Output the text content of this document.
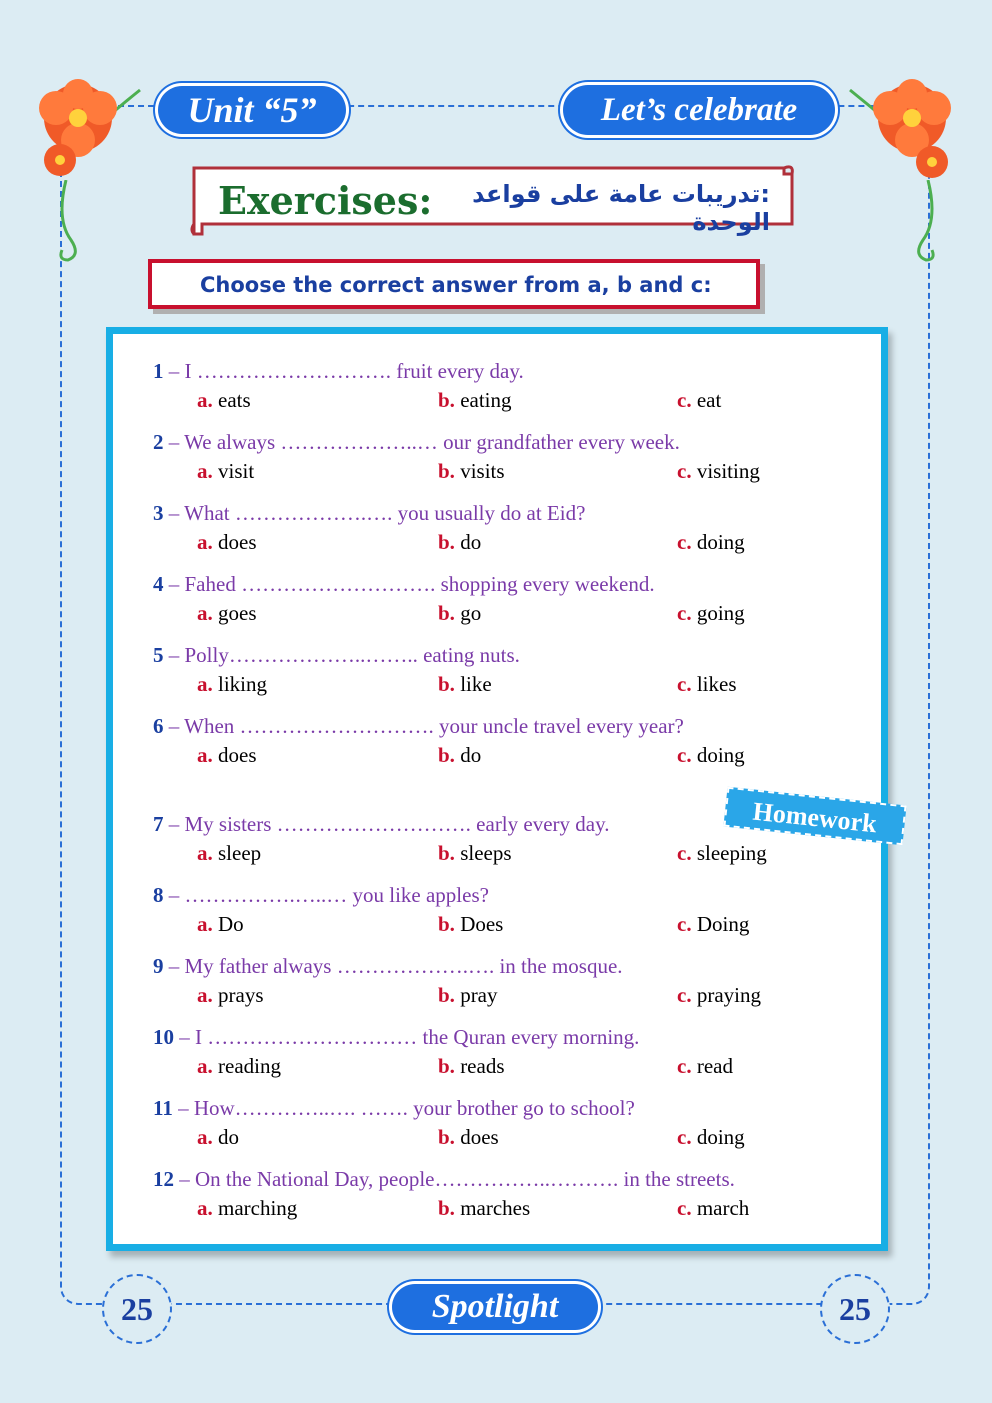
Unit “5”	Let’s celebrate
Exercises:	:تدريبات عامة على قواعد الوحدة
Choose the correct answer from a, b and c:
1 – I ………………………. fruit every day.
a. eats	b. eating	c. eat
2 – We always ………………..… our grandfather every week.
a. visit	b. visits	c. visiting
3 – What ……………….…. you usually do at Eid?
a. does	b. do	c. doing
4 – Fahed ………………………. shopping every weekend.
a. goes	b. go	c. going
5 – Polly………………..…….. eating nuts.
a. liking	b. like	c. likes
6 – When ………………………. your uncle travel every year?
a. does	b. do	c. doing
7 – My sisters ………………………. early every day.
a. sleep	b. sleeps	c. sleeping
8 – …………….…..… you like apples?
a. Do	b. Does	c. Doing
9 – My father always ……………….…. in the mosque.
a. prays	b. pray	c. praying
10 – I ………………………… the Quran every morning.
a. reading	b. reads	c. read
11 – How…………..…. ……. your brother go to school?
a. do	b. does	c. doing
12 – On the National Day, people……………..………. in the streets.
a. marching	b. marches	c. march
Homework
Spotlight
25	25
